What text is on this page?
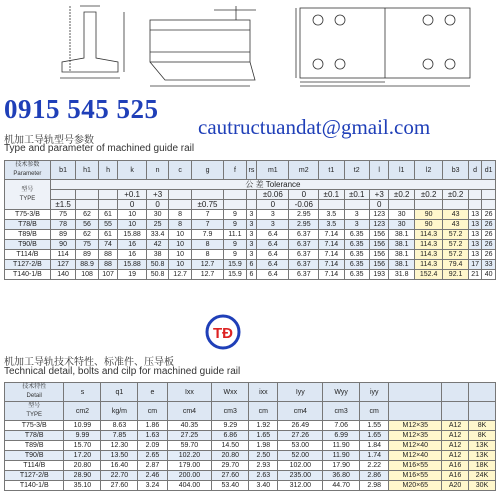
0915 545 525
cautructuandat@gmail.com
机加工导轨型号参数
Type and parameter of machined guide rail
技术参数
Parameter	b1	h1	h	k	n	c	g	f	rs	m1	m2	t1	t2	l	l1	l2	b3	d	d1

型号
TYPE	公 差 Tolerance																		
				+0.1	+3					±0.06	0	±0.1	±0.1	+3	±0.2	±0.2	±0.2		
	±1.5			0	0		±0.75			0	-0.06			0					
T75-3/B	75	62	61	10	30	8	7	9	3	3	2.95	3.5	3	123	30	90	43	13	26
T78/B	78	56	55	10	25	8	7	9	3	3	2.95	3.5	3	123	30	90	43	13	26
T89/B	89	62	61	15.88	33.4	10	7.9	11.1	3	6.4	6.37	7.14	6.35	156	38.1	114.3	57.2	13	26
T90/B	90	75	74	16	42	10	8	9	3	6.4	6.37	7.14	6.35	156	38.1	114.3	57.2	13	26
T114/B	114	89	88	16	38	10	8	9	3	6.4	6.37	7.14	6.35	156	38.1	114.3	57.2	13	26
T127-2/B	127	88.9	88	15.88	50.8	10	12.7	15.9	6	6.4	6.37	7.14	6.35	156	38.1	114.3	79.4	17	33
T140-1/B	140	108	107	19	50.8	12.7	12.7	15.9	6	6.4	6.37	7.14	6.35	193	31.8	152.4	92.1	21	40
TĐ
机加工导轨技术特性、标准件、压导板
Technical detail, bolts and cilp for machined guide rail
技术特性
Detail	s	q1	e	Ixx	Wxx	ixx	Iyy	Wyy	iyy			

型号
TYPE	cm2	kg/m	cm	cm4	cm3	cm	cm4	cm3	cm			
T75-3/B	10.99	8.63	1.86	40.35	9.29	1.92	26.49	7.06	1.55	M12×35	A12	8K
T78/B	9.99	7.85	1.63	27.25	6.86	1.65	27.26	6.99	1.65	M12×35	A12	8K
T89/B	15.70	12.30	2.09	59.70	14.50	1.98	53.00	11.90	1.84	M12×40	A12	13K
T90/B	17.20	13.50	2.65	102.20	20.80	2.50	52.00	11.90	1.74	M12×40	A12	13K
T114/B	20.80	16.40	2.87	179.00	29.70	2.93	102.00	17.90	2.22	M16×55	A16	18K
T127-2/B	28.90	22.70	2.46	200.00	27.60	2.63	235.00	36.80	2.86	M16×55	A16	24K
T140-1/B	35.10	27.60	3.24	404.00	53.40	3.40	312.00	44.70	2.98	M20×65	A20	30K
